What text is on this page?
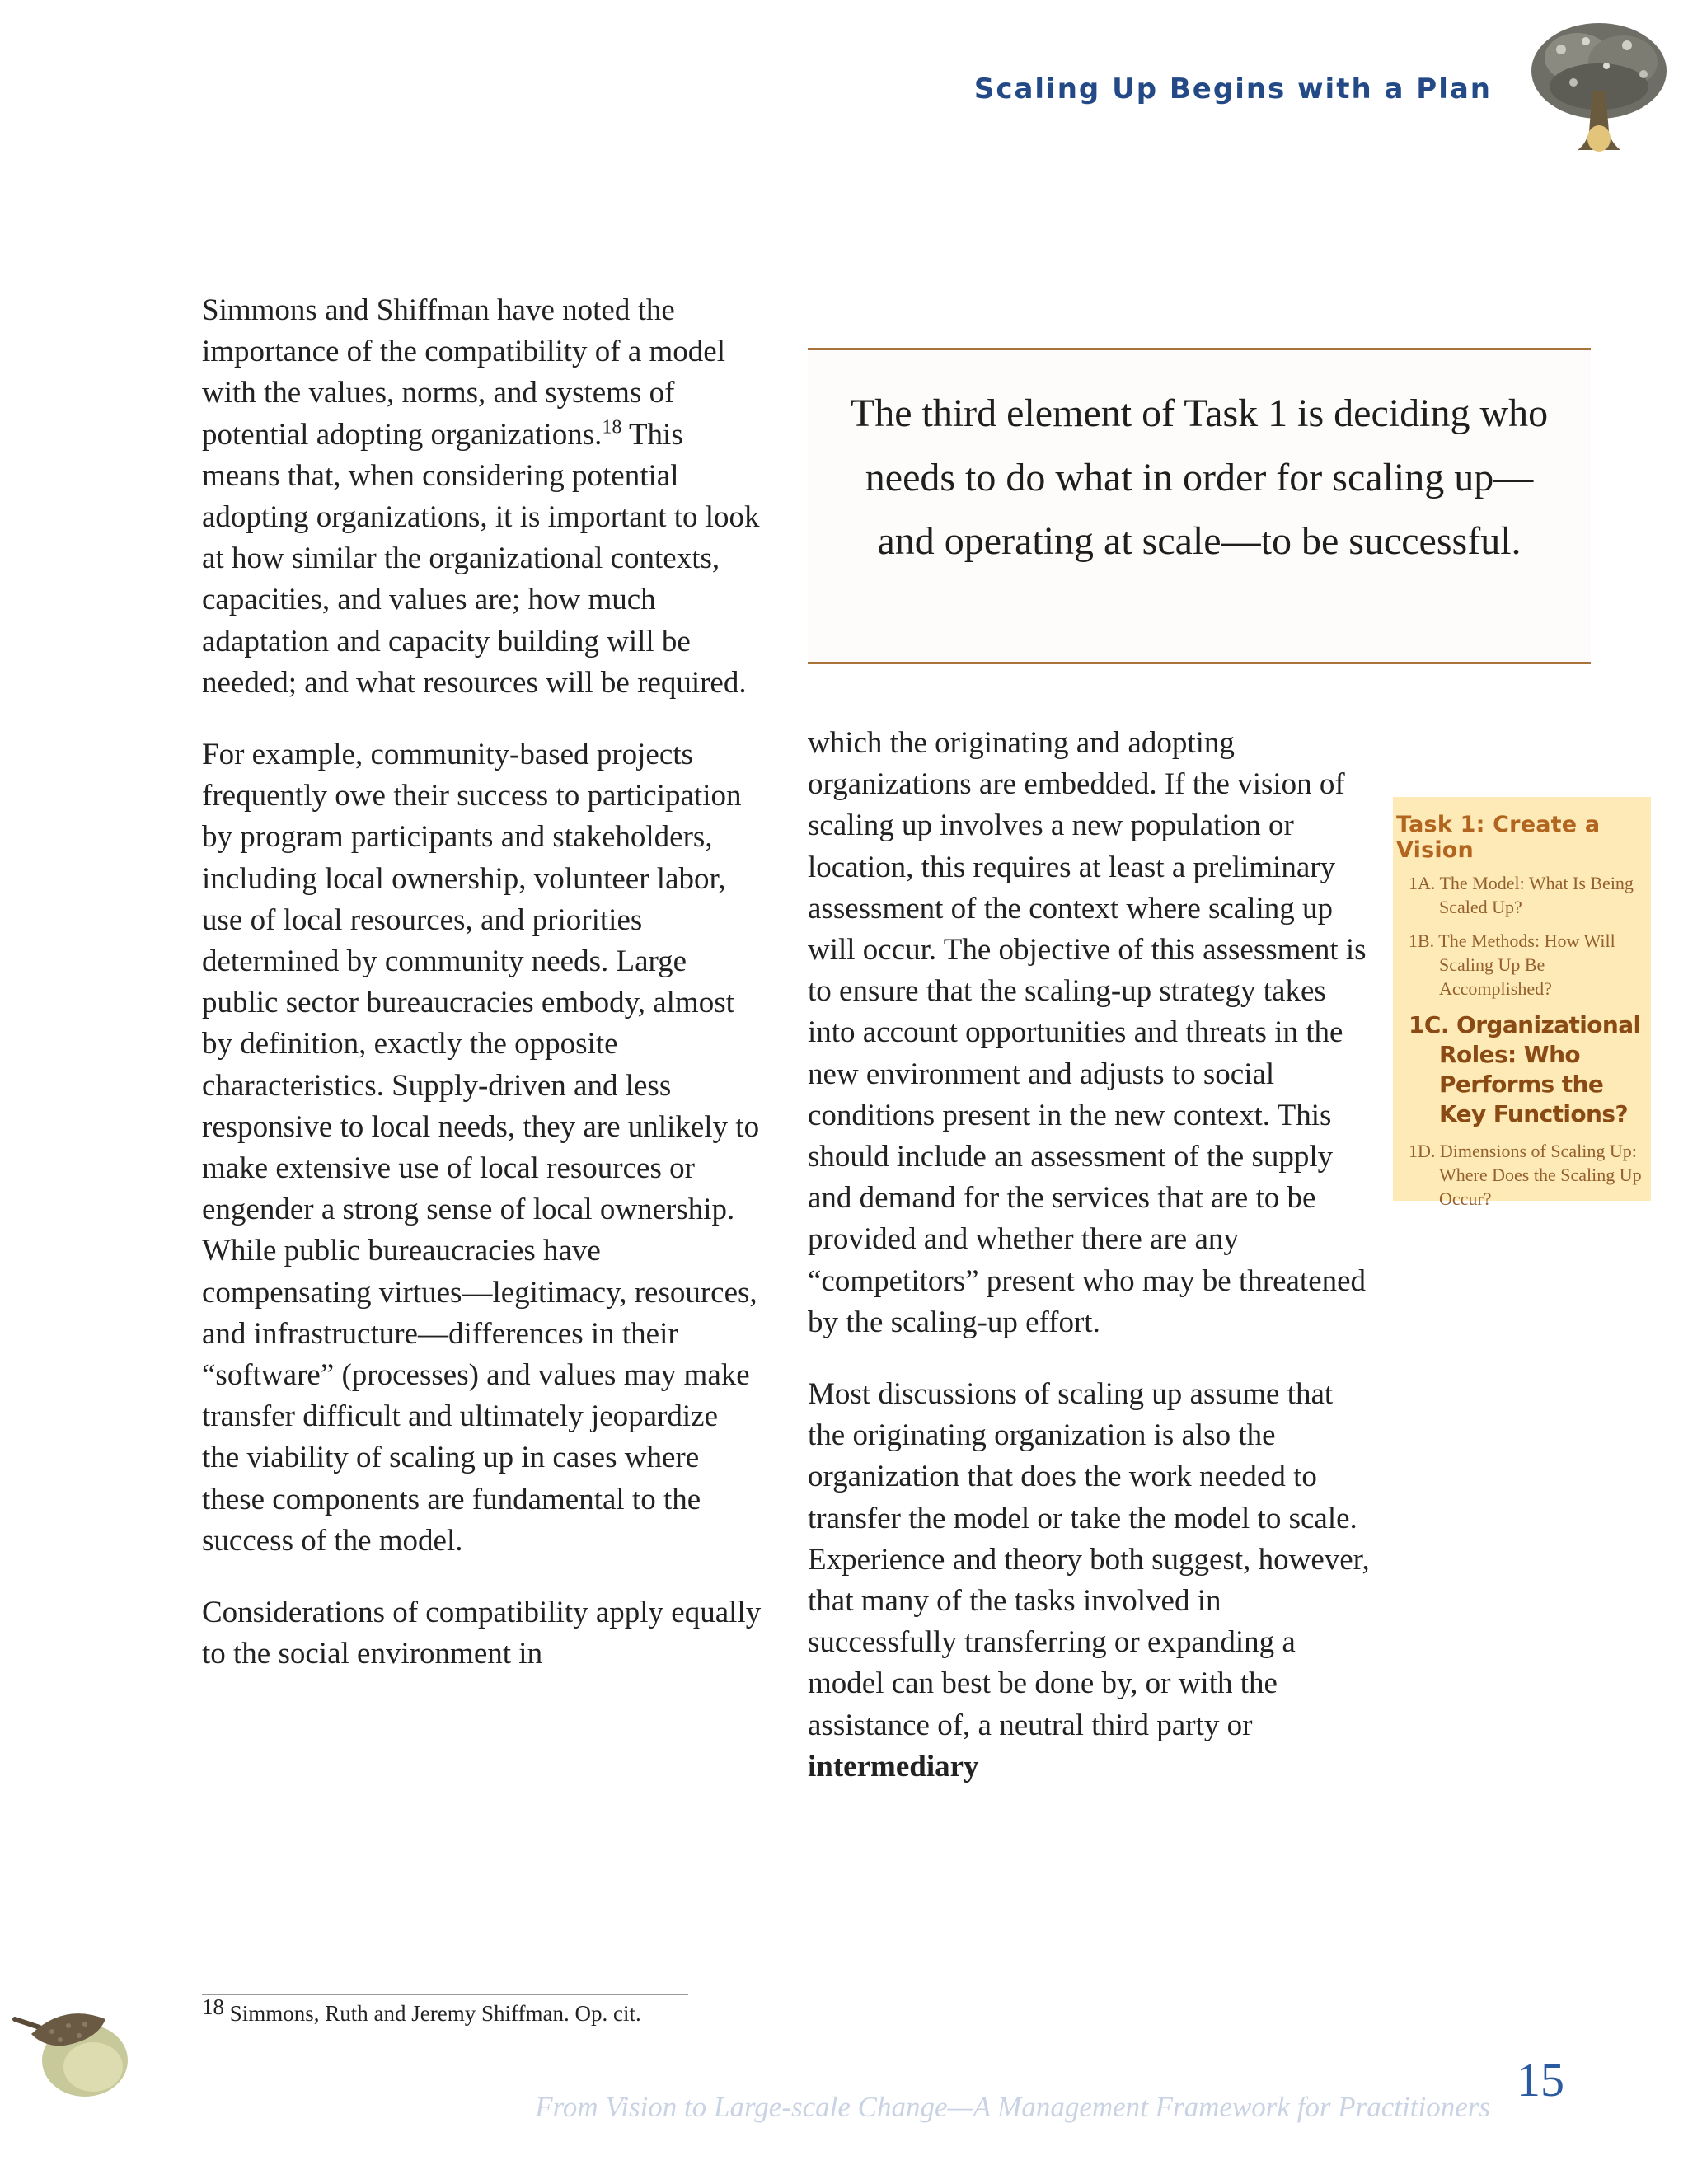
Scaling Up Begins with a Plan

Simmons and Shiffman have noted the importance of the compatibility of a model with the values, norms, and systems of potential adopting organizations.$^{18}$ This means that, when considering potential adopting organizations, it is important to look at how similar the organizational contexts, capacities, and values are; how much adaptation and capacity building will be needed; and what resources will be required.

For example, community-based projects frequently owe their success to participation by program participants and stakeholders, including local ownership, volunteer labor, use of local resources, and priorities determined by community needs. Large public sector bureaucracies embody, almost by definition, exactly the opposite characteristics. Supply-driven and less responsive to local needs, they are unlikely to make extensive use of local resources or engender a strong sense of local ownership. While public bureaucracies have compensating virtues—legitimacy, resources, and infrastructure—differences in their “software” (processes) and values may make transfer difficult and ultimately jeopardize the viability of scaling up in cases where these components are fundamental to the success of the model.

Considerations of compatibility apply equally to the social environment in

The third element of Task 1 is deciding who needs to do what in order for scaling up—and operating at scale—to be successful.

which the originating and adopting organizations are embedded. If the vision of scaling up involves a new population or location, this requires at least a preliminary assessment of the context where scaling up will occur. The objective of this assessment is to ensure that the scaling-up strategy takes into account opportunities and threats in the new environment and adjusts to social conditions present in the new context. This should include an assessment of the supply and demand for the services that are to be provided and whether there are any “competitors” present who may be threatened by the scaling-up effort.

Most discussions of scaling up assume that the originating organization is also the organization that does the work needed to transfer the model or take the model to scale. Experience and theory both suggest, however, that many of the tasks involved in successfully transferring or expanding a model can best be done by, or with the assistance of, a neutral third party or intermediary

Task 1: Create a Vision
1A. The Model: What Is Being Scaled Up?
1B. The Methods: How Will Scaling Up Be Accomplished?
1C. Organizational Roles: Who Performs the Key Functions?
1D. Dimensions of Scaling Up: Where Does the Scaling Up Occur?
$^{18}$ Simmons, Ruth and Jeremy Shiffman. Op. cit.
From Vision to Large-scale Change—A Management Framework for Practitioners
15
